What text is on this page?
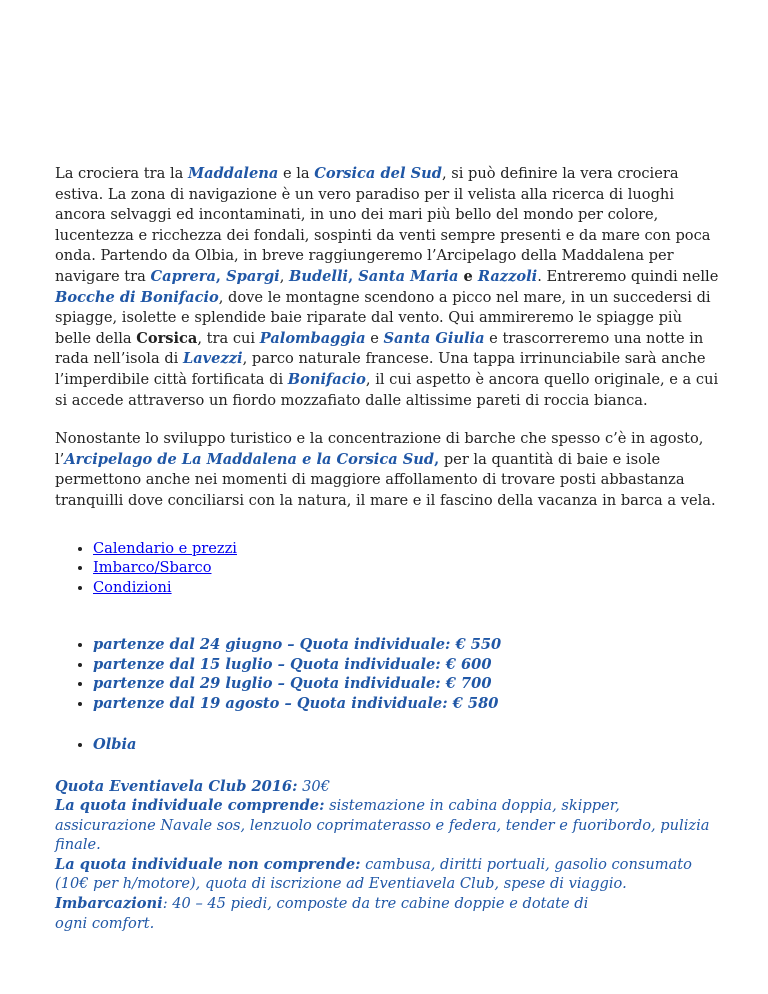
La crociera tra la Maddalena e la Corsica del Sud, si può definire la vera crociera estiva. La zona di navigazione è un vero paradiso per il velista alla ricerca di luoghi ancora selvaggi ed incontaminati, in uno dei mari più bello del mondo per colore, lucentezza e ricchezza dei fondali, sospinti da venti sempre presenti e da mare con poca onda. Partendo da Olbia, in breve raggiungeremo l’Arcipelago della Maddalena per navigare tra Caprera, Spargi, Budelli, Santa Maria e Razzoli. Entreremo quindi nelle Bocche di Bonifacio, dove le montagne scendono a picco nel mare, in un succedersi di spiagge, isolette e splendide baie riparate dal vento. Qui ammireremo le spiagge più belle della Corsica, tra cui Palombaggia e Santa Giulia e trascorreremo una notte in rada nell’isola di Lavezzi, parco naturale francese. Una tappa irrinunciabile sarà anche l’imperdibile città fortificata di Bonifacio, il cui aspetto è ancora quello originale, e a cui si accede attraverso un fiordo mozzafiato dalle altissime pareti di roccia bianca.

Nonostante lo sviluppo turistico e la concentrazione di barche che spesso c’è in agosto, l’Arcipelago de La Maddalena e la Corsica Sud, per la quantità di baie e isole permettono anche nei momenti di maggiore affollamento di trovare posti abbastanza tranquilli dove conciliarsi con la natura, il mare e il fascino della vacanza in barca a vela.

• Calendario e prezzi
• Imbarco/Sbarco
• Condizioni
• partenze dal 24 giugno – Quota individuale: € 550
• partenze dal 15 luglio – Quota individuale: € 600
• partenze dal 29 luglio – Quota individuale: € 700
• partenze dal 19 agosto – Quota individuale: € 580
• Olbia
Quota Eventiavela Club 2016: 30€
La quota individuale comprende: sistemazione in cabina doppia, skipper, assicurazione Navale sos, lenzuolo coprimaterasso e federa, tender e fuoribordo, pulizia finale.
La quota individuale non comprende: cambusa, diritti portuali, gasolio consumato (10€ per h/motore), quota di iscrizione ad Eventiavela Club, spese di viaggio.
Imbarcazioni: 40 – 45 piedi, composte da tre cabine doppie e dotate di ogni comfort.
